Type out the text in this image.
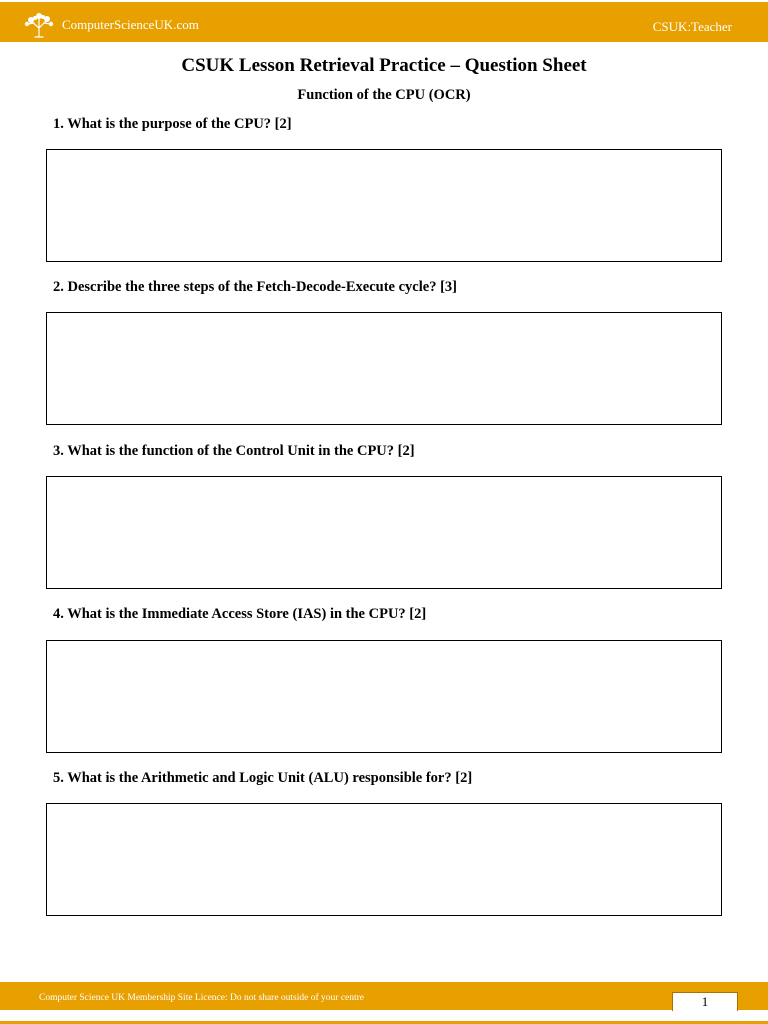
ComputerScienceUK.com	CSUK:Teacher
CSUK Lesson Retrieval Practice – Question Sheet
Function of the CPU (OCR)
1. What is the purpose of the CPU? [2]
2. Describe the three steps of the Fetch-Decode-Execute cycle? [3]
3. What is the function of the Control Unit in the CPU? [2]
4. What is the Immediate Access Store (IAS) in the CPU? [2]
5. What is the Arithmetic and Logic Unit (ALU) responsible for? [2]
Computer Science UK Membership Site Licence: Do not share outside of your centre	1
